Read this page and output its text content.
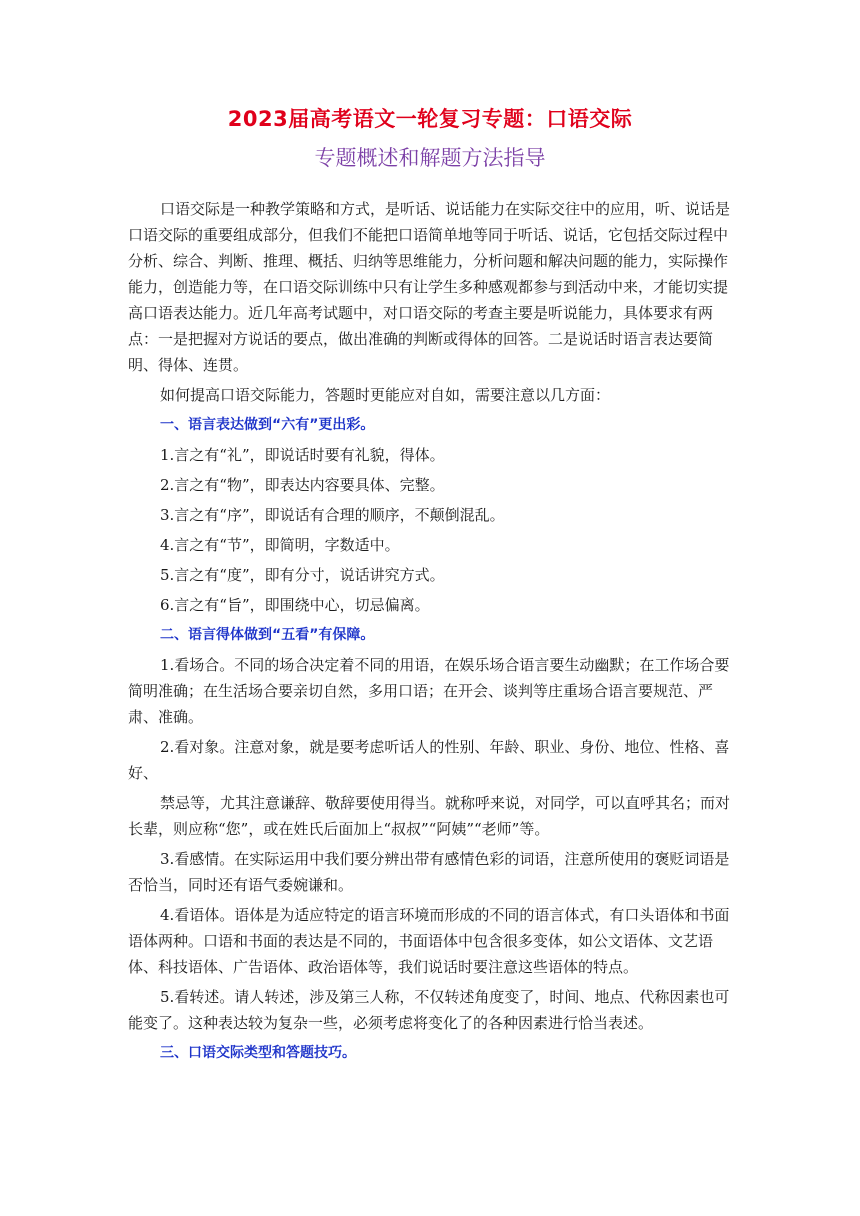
2023届高考语文一轮复习专题：口语交际
专题概述和解题方法指导

口语交际是一种教学策略和方式，是听话、说话能力在实际交往中的应用，听、说话是口语交际的重要组成部分，但我们不能把口语简单地等同于听话、说话，它包括交际过程中分析、综合、判断、推理、概括、归纳等思维能力，分析问题和解决问题的能力，实际操作能力，创造能力等，在口语交际训练中只有让学生多种感观都参与到活动中来，才能切实提高口语表达能力。近几年高考试题中，对口语交际的考查主要是听说能力，具体要求有两点：一是把握对方说话的要点，做出准确的判断或得体的回答。二是说话时语言表达要简明、得体、连贯。

如何提高口语交际能力，答题时更能应对自如，需要注意以几方面：

一、语言表达做到“六有”更出彩。

1.言之有“礼”，即说话时要有礼貌，得体。

2.言之有“物”，即表达内容要具体、完整。

3.言之有“序”，即说话有合理的顺序，不颠倒混乱。

4.言之有“节”，即简明，字数适中。

5.言之有“度”，即有分寸，说话讲究方式。

6.言之有“旨”，即围绕中心，切忌偏离。

二、语言得体做到“五看”有保障。

1.看场合。不同的场合决定着不同的用语，在娱乐场合语言要生动幽默；在工作场合要简明准确；在生活场合要亲切自然，多用口语；在开会、谈判等庄重场合语言要规范、严肃、准确。

2.看对象。注意对象，就是要考虑听话人的性别、年龄、职业、身份、地位、性格、喜好、

禁忌等，尤其注意谦辞、敬辞要使用得当。就称呼来说，对同学，可以直呼其名；而对长辈，则应称“您”，或在姓氏后面加上“叔叔”“阿姨”“老师”等。

3.看感情。在实际运用中我们要分辨出带有感情色彩的词语，注意所使用的褒贬词语是否恰当，同时还有语气委婉谦和。

4.看语体。语体是为适应特定的语言环境而形成的不同的语言体式，有口头语体和书面语体两种。口语和书面的表达是不同的，书面语体中包含很多变体，如公文语体、文艺语体、科技语体、广告语体、政治语体等，我们说话时要注意这些语体的特点。

5.看转述。请人转述，涉及第三人称，不仅转述角度变了，时间、地点、代称因素也可能变了。这种表达较为复杂一些，必须考虑将变化了的各种因素进行恰当表述。

三、口语交际类型和答题技巧。
